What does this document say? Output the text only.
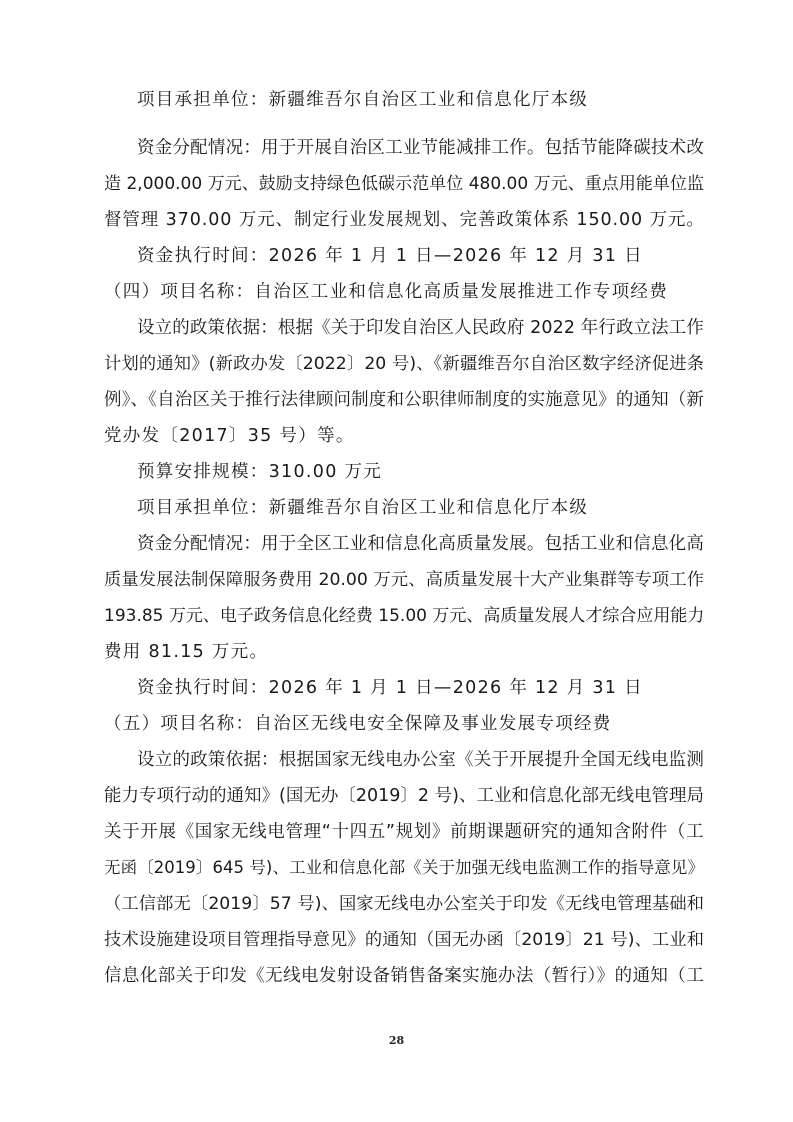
项目承担单位：新疆维吾尔自治区工业和信息化厅本级
资金分配情况：用于开展自治区工业节能减排工作。包括节能降碳技术改
造 2,000.00 万元、鼓励支持绿色低碳示范单位 480.00 万元、重点用能单位监
督管理 370.00 万元、制定行业发展规划、完善政策体系 150.00 万元。
资金执行时间：2026 年 1 月 1 日—2026 年 12 月 31 日
（四）项目名称：自治区工业和信息化高质量发展推进工作专项经费
设立的政策依据：根据《关于印发自治区人民政府 2022 年行政立法工作
计划的通知》(新政办发〔2022〕20 号)、《新疆维吾尔自治区数字经济促进条
例》、《自治区关于推行法律顾问制度和公职律师制度的实施意见》的通知（新
党办发〔2017〕35 号）等。
预算安排规模：310.00 万元
项目承担单位：新疆维吾尔自治区工业和信息化厅本级
资金分配情况：用于全区工业和信息化高质量发展。包括工业和信息化高
质量发展法制保障服务费用 20.00 万元、高质量发展十大产业集群等专项工作
193.85 万元、电子政务信息化经费 15.00 万元、高质量发展人才综合应用能力
费用 81.15 万元。
资金执行时间：2026 年 1 月 1 日—2026 年 12 月 31 日
（五）项目名称：自治区无线电安全保障及事业发展专项经费
设立的政策依据：根据国家无线电办公室《关于开展提升全国无线电监测
能力专项行动的通知》(国无办〔2019〕2 号)、工业和信息化部无线电管理局
关于开展《国家无线电管理“十四五”规划》前期课题研究的通知含附件（工
无函〔2019〕645 号)、工业和信息化部《关于加强无线电监测工作的指导意见》
（工信部无〔2019〕57 号)、国家无线电办公室关于印发《无线电管理基础和
技术设施建设项目管理指导意见》的通知（国无办函〔2019〕21 号)、工业和
信息化部关于印发《无线电发射设备销售备案实施办法（暂行）》的通知（工
28
